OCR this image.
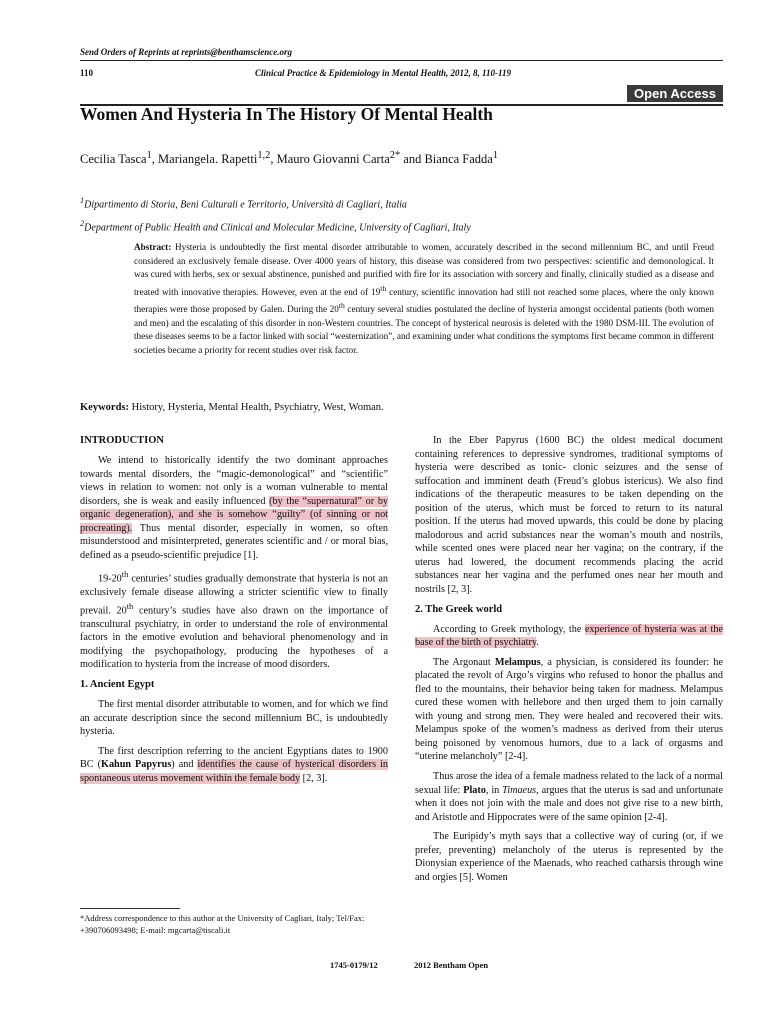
Send Orders of Reprints at reprints@benthamscience.org
110	Clinical Practice & Epidemiology in Mental Health, 2012, 8, 110-119
Open Access
Women And Hysteria In The History Of Mental Health
Cecilia Tasca$^1$, Mariangela. Rapetti$^{1,2}$, Mauro Giovanni Carta$^{2*}$ and Bianca Fadda$^1$
$^1$Dipartimento di Storia, Beni Culturali e Territorio, Università di Cagliari, Italia
$^2$Department of Public Health and Clinical and Molecular Medicine, University of Cagliari, Italy

Abstract: Hysteria is undoubtedly the first mental disorder attributable to women, accurately described in the second millennium BC, and until Freud considered an exclusively female disease. Over 4000 years of history, this disease was considered from two perspectives: scientific and demonological. It was cured with herbs, sex or sexual abstinence, punished and purified with fire for its association with sorcery and finally, clinically studied as a disease and treated with innovative therapies. However, even at the end of 19th century, scientific innovation had still not reached some places, where the only known therapies were those proposed by Galen. During the 20th century several studies postulated the decline of hysteria amongst occidental patients (both women and men) and the escalating of this disorder in non-Western countries. The concept of hysterical neurosis is deleted with the 1980 DSM-III. The evolution of these diseases seems to be a factor linked with social “westernization”, and examining under what conditions the symptoms first became common in different societies became a priority for recent studies over risk factor.

Keywords: History, Hysteria, Mental Health, Psychiatry, West, Woman.

INTRODUCTION

We intend to historically identify the two dominant approaches towards mental disorders, the “magic-demonological” and “scientific” views in relation to women: not only is a woman vulnerable to mental disorders, she is weak and easily influenced (by the “supernatural” or by organic degeneration), and she is somehow “guilty” (of sinning or not procreating). Thus mental disorder, especially in women, so often misunderstood and misinterpreted, generates scientific and / or moral bias, defined as a pseudo-scientific prejudice [1].

19-20th centuries’ studies gradually demonstrate that hysteria is not an exclusively female disease allowing a stricter scientific view to finally prevail. 20th century’s studies have also drawn on the importance of transcultural psychiatry, in order to understand the role of environmental factors in the emotive evolution and behavioral phenomenology and in modifying the psychopathology, producing the hypotheses of a modification to hysteria from the increase of mood disorders.

1. Ancient Egypt

The first mental disorder attributable to women, and for which we find an accurate description since the second millennium BC, is undoubtedly hysteria.

The first description referring to the ancient Egyptians dates to 1900 BC (Kahun Papyrus) and identifies the cause of hysterical disorders in spontaneous uterus movement within the female body [2, 3].

In the Eber Papyrus (1600 BC) the oldest medical document containing references to depressive syndromes, traditional symptoms of hysteria were described as tonic- clonic seizures and the sense of suffocation and imminent death (Freud’s globus istericus). We also find indications of the therapeutic measures to be taken depending on the position of the uterus, which must be forced to return to its natural position. If the uterus had moved upwards, this could be done by placing malodorous and acrid substances near the woman’s mouth and nostrils, while scented ones were placed near her vagina; on the contrary, if the uterus had lowered, the document recommends placing the acrid substances near her vagina and the perfumed ones near her mouth and nostrils [2, 3].

2. The Greek world

According to Greek mythology, the experience of hysteria was at the base of the birth of psychiatry.

The Argonaut Melampus, a physician, is considered its founder: he placated the revolt of Argo’s virgins who refused to honor the phallus and fled to the mountains, their behavior being taken for madness. Melampus cured these women with hellebore and then urged them to join carnally with young and strong men. They were healed and recovered their wits. Melampus spoke of the women’s madness as derived from their uterus being poisoned by venomous humors, due to a lack of orgasms and “uterine melancholy” [2-4].

Thus arose the idea of a female madness related to the lack of a normal sexual life: Plato, in Timaeus, argues that the uterus is sad and unfortunate when it does not join with the male and does not give rise to a new birth, and Aristotle and Hippocrates were of the same opinion [2-4].

The Euripidy’s myth says that a collective way of curing (or, if we prefer, preventing) melancholy of the uterus is represented by the Dionysian experience of the Maenads, who reached catharsis through wine and orgies [5]. Women

*Address correspondence to this author at the University of Cagliari, Italy; Tel/Fax: +390706093498; E-mail: mgcarta@tiscali.it

1745-0179/12	2012 Bentham Open
